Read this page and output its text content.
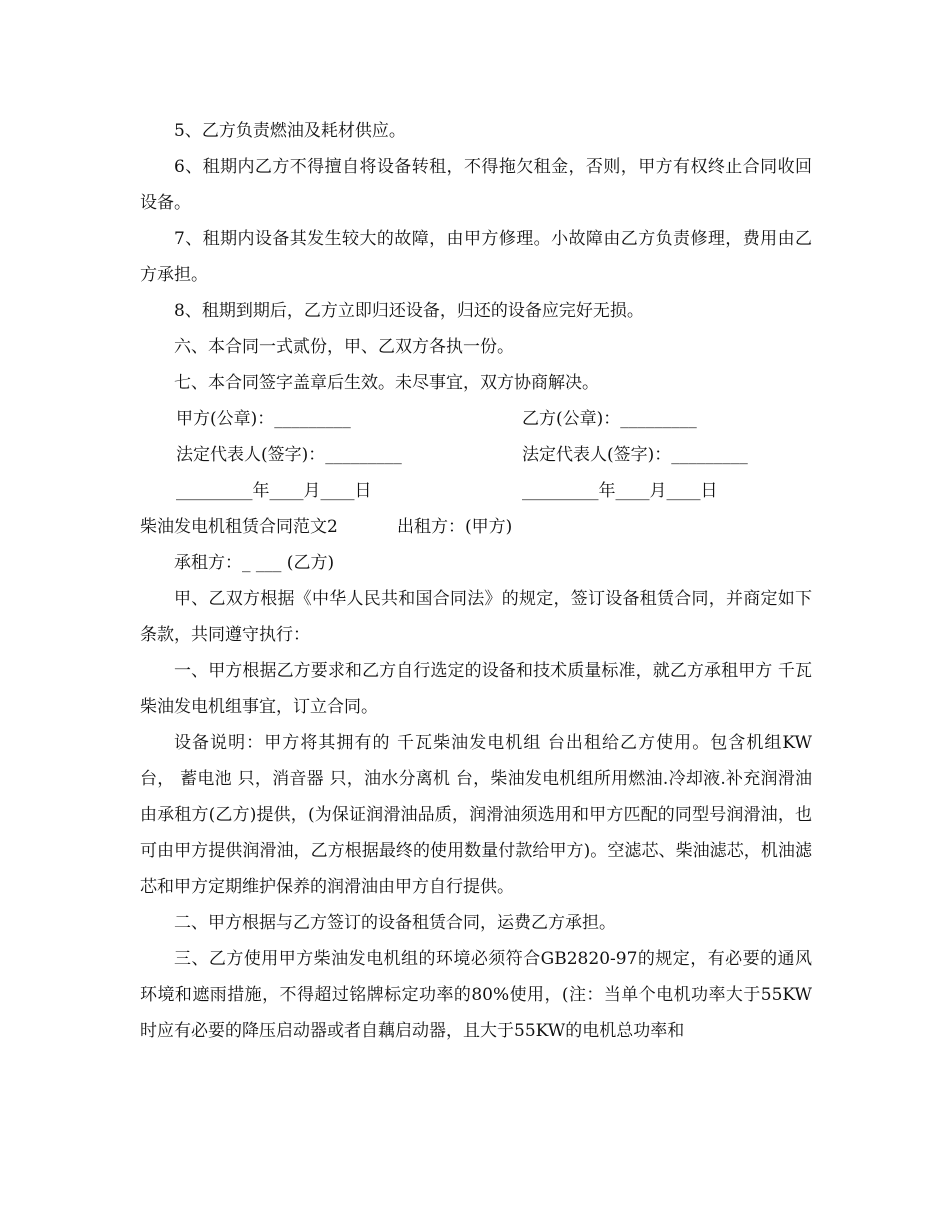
5、乙方负责燃油及耗材供应。

6、租期内乙方不得擅自将设备转租，不得拖欠租金，否则，甲方有权终止合同收回设备。

7、租期内设备其发生较大的故障，由甲方修理。小故障由乙方负责修理，费用由乙方承担。

8、租期到期后，乙方立即归还设备，归还的设备应完好无损。

六、本合同一式贰份，甲、乙双方各执一份。

七、本合同签字盖章后生效。未尽事宜，双方协商解决。

甲方(公章)：_________	乙方(公章)：_________
法定代表人(签字)：_________	法定代表人(签字)：_________
_________年____月____日	_________年____月____日
柴油发电机租赁合同范文2	出租方：(甲方)

承租方：_ ___ (乙方)

甲、乙双方根据《中华人民共和国合同法》的规定，签订设备租赁合同，并商定如下条款，共同遵守执行：

一、甲方根据乙方要求和乙方自行选定的设备和技术质量标准，就乙方承租甲方 千瓦柴油发电机组事宜，订立合同。

设备说明：甲方将其拥有的 千瓦柴油发电机组 台出租给乙方使用。包含机组KW 台， 蓄电池 只，消音器 只，油水分离机 台，柴油发电机组所用燃油.冷却液.补充润滑油由承租方(乙方)提供，(为保证润滑油品质，润滑油须选用和甲方匹配的同型号润滑油，也可由甲方提供润滑油，乙方根据最终的使用数量付款给甲方)。空滤芯、柴油滤芯，机油滤芯和甲方定期维护保养的润滑油由甲方自行提供。

二、甲方根据与乙方签订的设备租赁合同，运费乙方承担。

三、乙方使用甲方柴油发电机组的环境必须符合GB2820-97的规定，有必要的通风环境和遮雨措施，不得超过铭牌标定功率的80%使用，(注：当单个电机功率大于55KW时应有必要的降压启动器或者自藕启动器，且大于55KW的电机总功率和
